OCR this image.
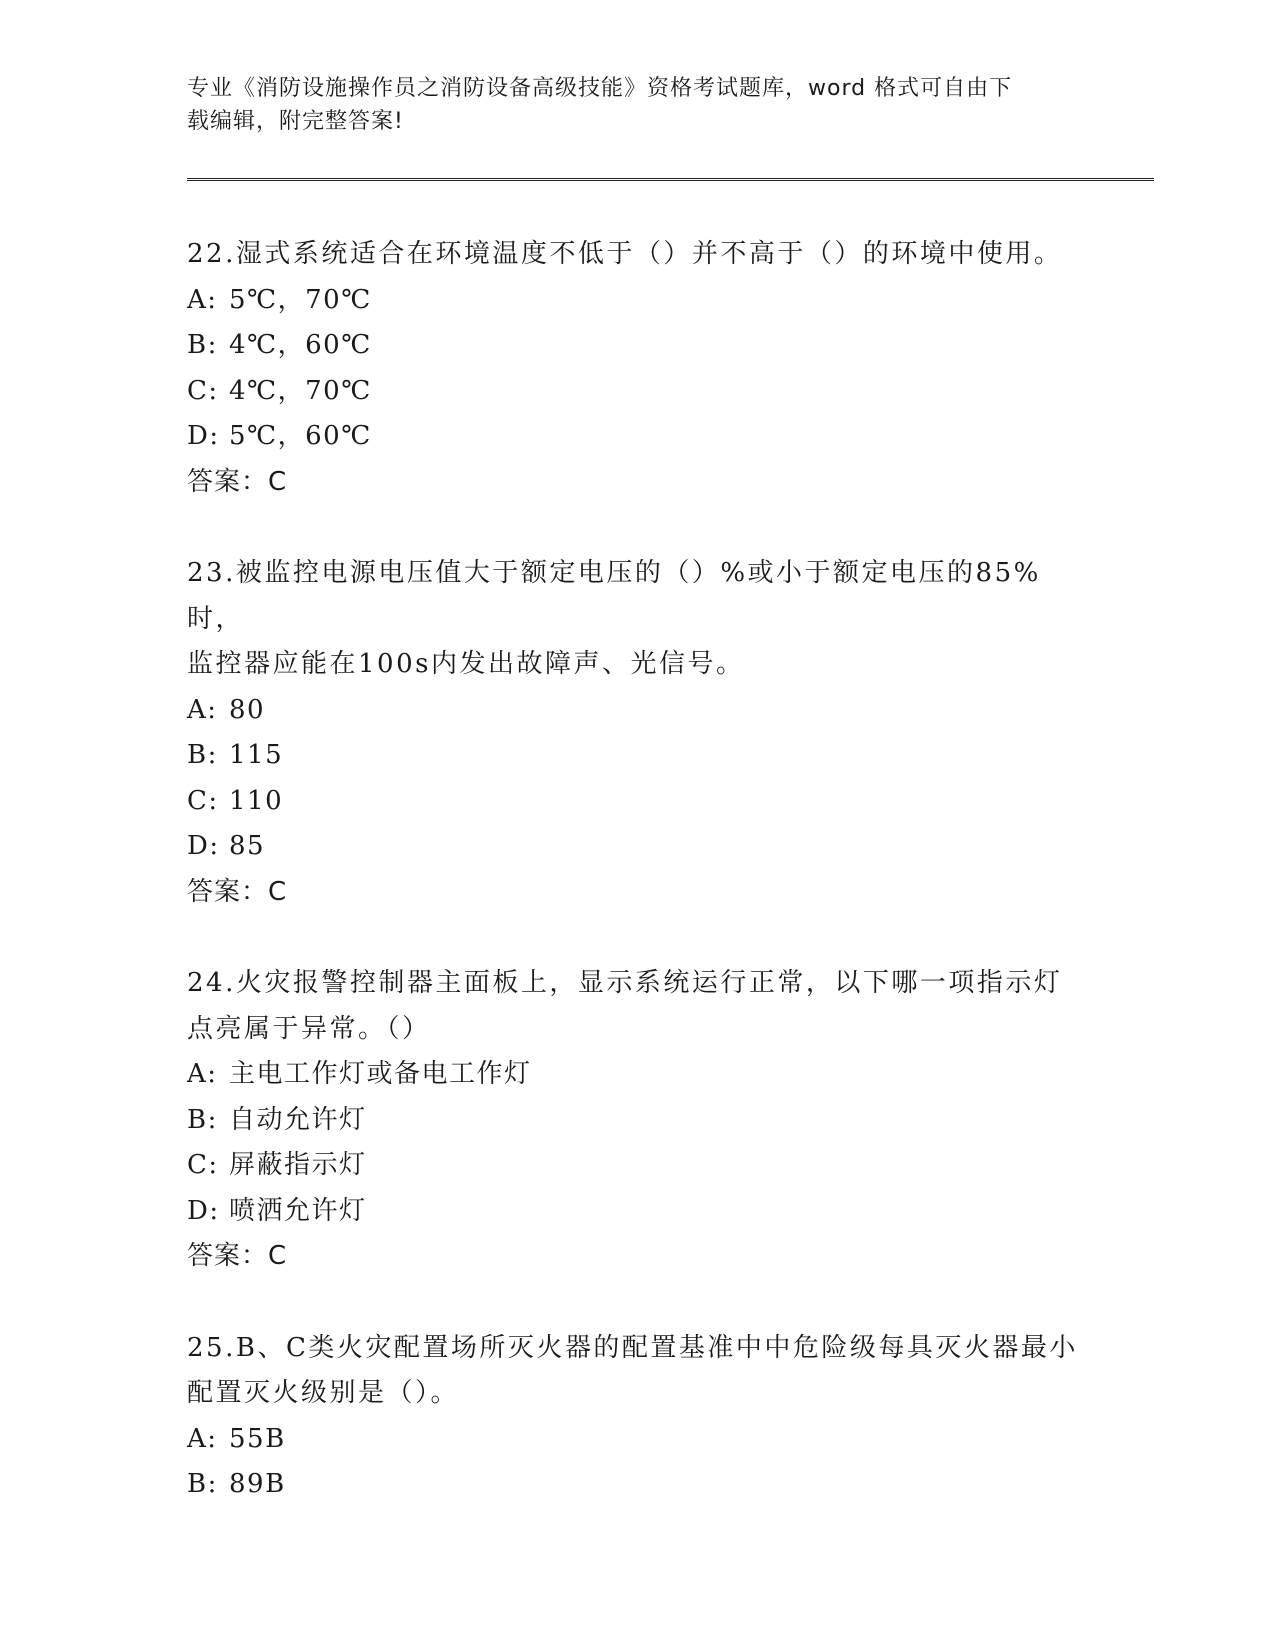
专业《消防设施操作员之消防设备高级技能》资格考试题库，word 格式可自由下
载编辑，附完整答案!
22.湿式系统适合在环境温度不低于（）并不高于（）的环境中使用。
A: 5℃，70℃
B: 4℃，60℃
C: 4℃，70℃
D: 5℃，60℃
答案：C
23.被监控电源电压值大于额定电压的（）%或小于额定电压的85%时，
监控器应能在100s内发出故障声、光信号。
A: 80
B: 115
C: 110
D: 85
答案：C
24.火灾报警控制器主面板上，显示系统运行正常，以下哪一项指示灯
点亮属于异常。（）
A: 主电工作灯或备电工作灯
B: 自动允许灯
C: 屏蔽指示灯
D: 喷洒允许灯
答案：C
25.B、C类火灾配置场所灭火器的配置基准中中危险级每具灭火器最小
配置灭火级别是（）。
A: 55B
B: 89B
